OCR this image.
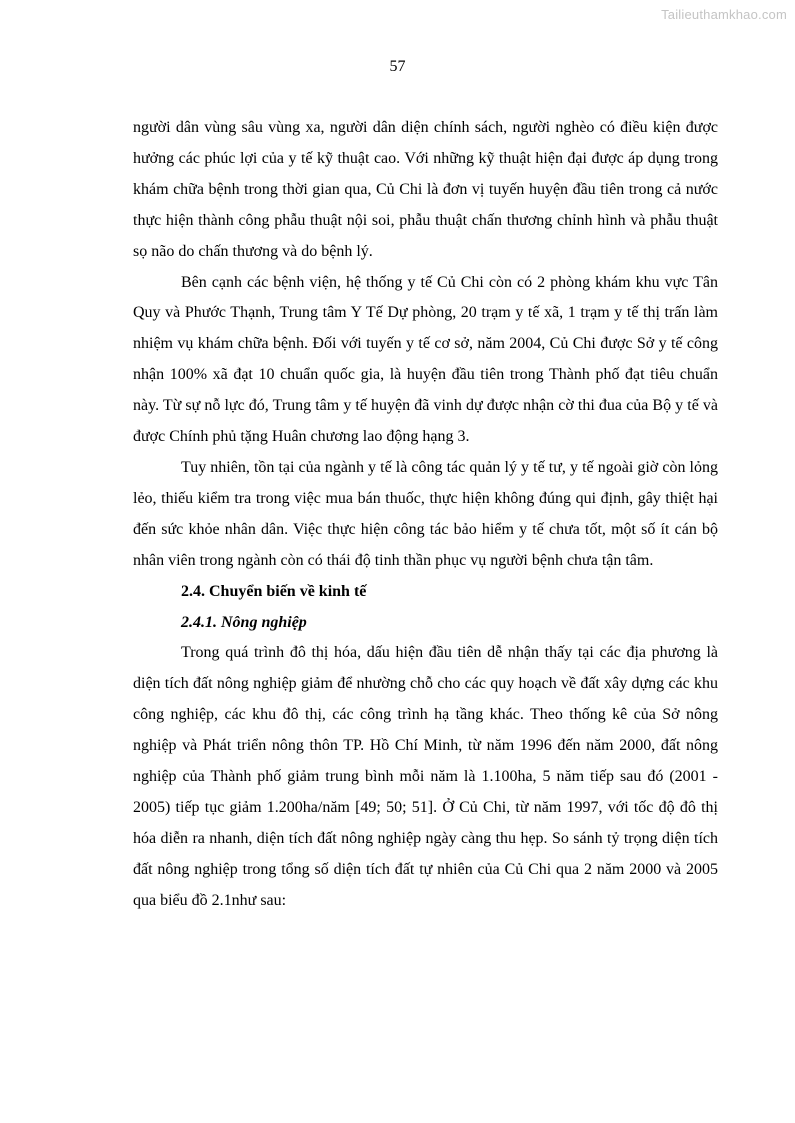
Tailieuthamkhao.com
57

người dân vùng sâu vùng xa, người dân diện chính sách, người nghèo có điều kiện được hưởng các phúc lợi của y tế kỹ thuật cao. Với những kỹ thuật hiện đại được áp dụng trong khám chữa bệnh trong thời gian qua, Củ Chi là đơn vị tuyến huyện đầu tiên trong cả nước thực hiện thành công phẫu thuật nội soi, phẫu thuật chấn thương chỉnh hình và phẫu thuật sọ não do chấn thương và do bệnh lý.

Bên cạnh các bệnh viện, hệ thống y tế Củ Chi còn có 2 phòng khám khu vực Tân Quy và Phước Thạnh, Trung tâm Y Tế Dự phòng, 20 trạm y tế xã, 1 trạm y tế thị trấn làm nhiệm vụ khám chữa bệnh. Đối với tuyến y tế cơ sở, năm 2004, Củ Chi được Sở y tế công nhận 100% xã đạt 10 chuẩn quốc gia, là huyện đầu tiên trong Thành phố đạt tiêu chuẩn này. Từ sự nỗ lực đó, Trung tâm y tế huyện đã vinh dự được nhận cờ thi đua của Bộ y tế và được Chính phủ tặng Huân chương lao động hạng 3.

Tuy nhiên, tồn tại của ngành y tế là công tác quản lý y tế tư, y tế ngoài giờ còn lỏng lẻo, thiếu kiểm tra trong việc mua bán thuốc, thực hiện không đúng qui định, gây thiệt hại đến sức khỏe nhân dân. Việc thực hiện công tác bảo hiểm y tế chưa tốt, một số ít cán bộ nhân viên trong ngành còn có thái độ tinh thần phục vụ người bệnh chưa tận tâm.

2.4. Chuyển biến về kinh tế

2.4.1. Nông nghiệp

Trong quá trình đô thị hóa, dấu hiện đầu tiên dễ nhận thấy tại các địa phương là diện tích đất nông nghiệp giảm để nhường chỗ cho các quy hoạch về đất xây dựng các khu công nghiệp, các khu đô thị, các công trình hạ tầng khác. Theo thống kê của Sở nông nghiệp và Phát triển nông thôn TP. Hồ Chí Minh, từ năm 1996 đến năm 2000, đất nông nghiệp của Thành phố giảm trung bình mỗi năm là 1.100ha, 5 năm tiếp sau đó (2001 - 2005) tiếp tục giảm 1.200ha/năm [49; 50; 51]. Ở Củ Chi, từ năm 1997, với tốc độ đô thị hóa diễn ra nhanh, diện tích đất nông nghiệp ngày càng thu hẹp. So sánh tỷ trọng diện tích đất nông nghiệp trong tổng số diện tích đất tự nhiên của Củ Chi qua 2 năm 2000 và 2005 qua biểu đồ 2.1như sau:
